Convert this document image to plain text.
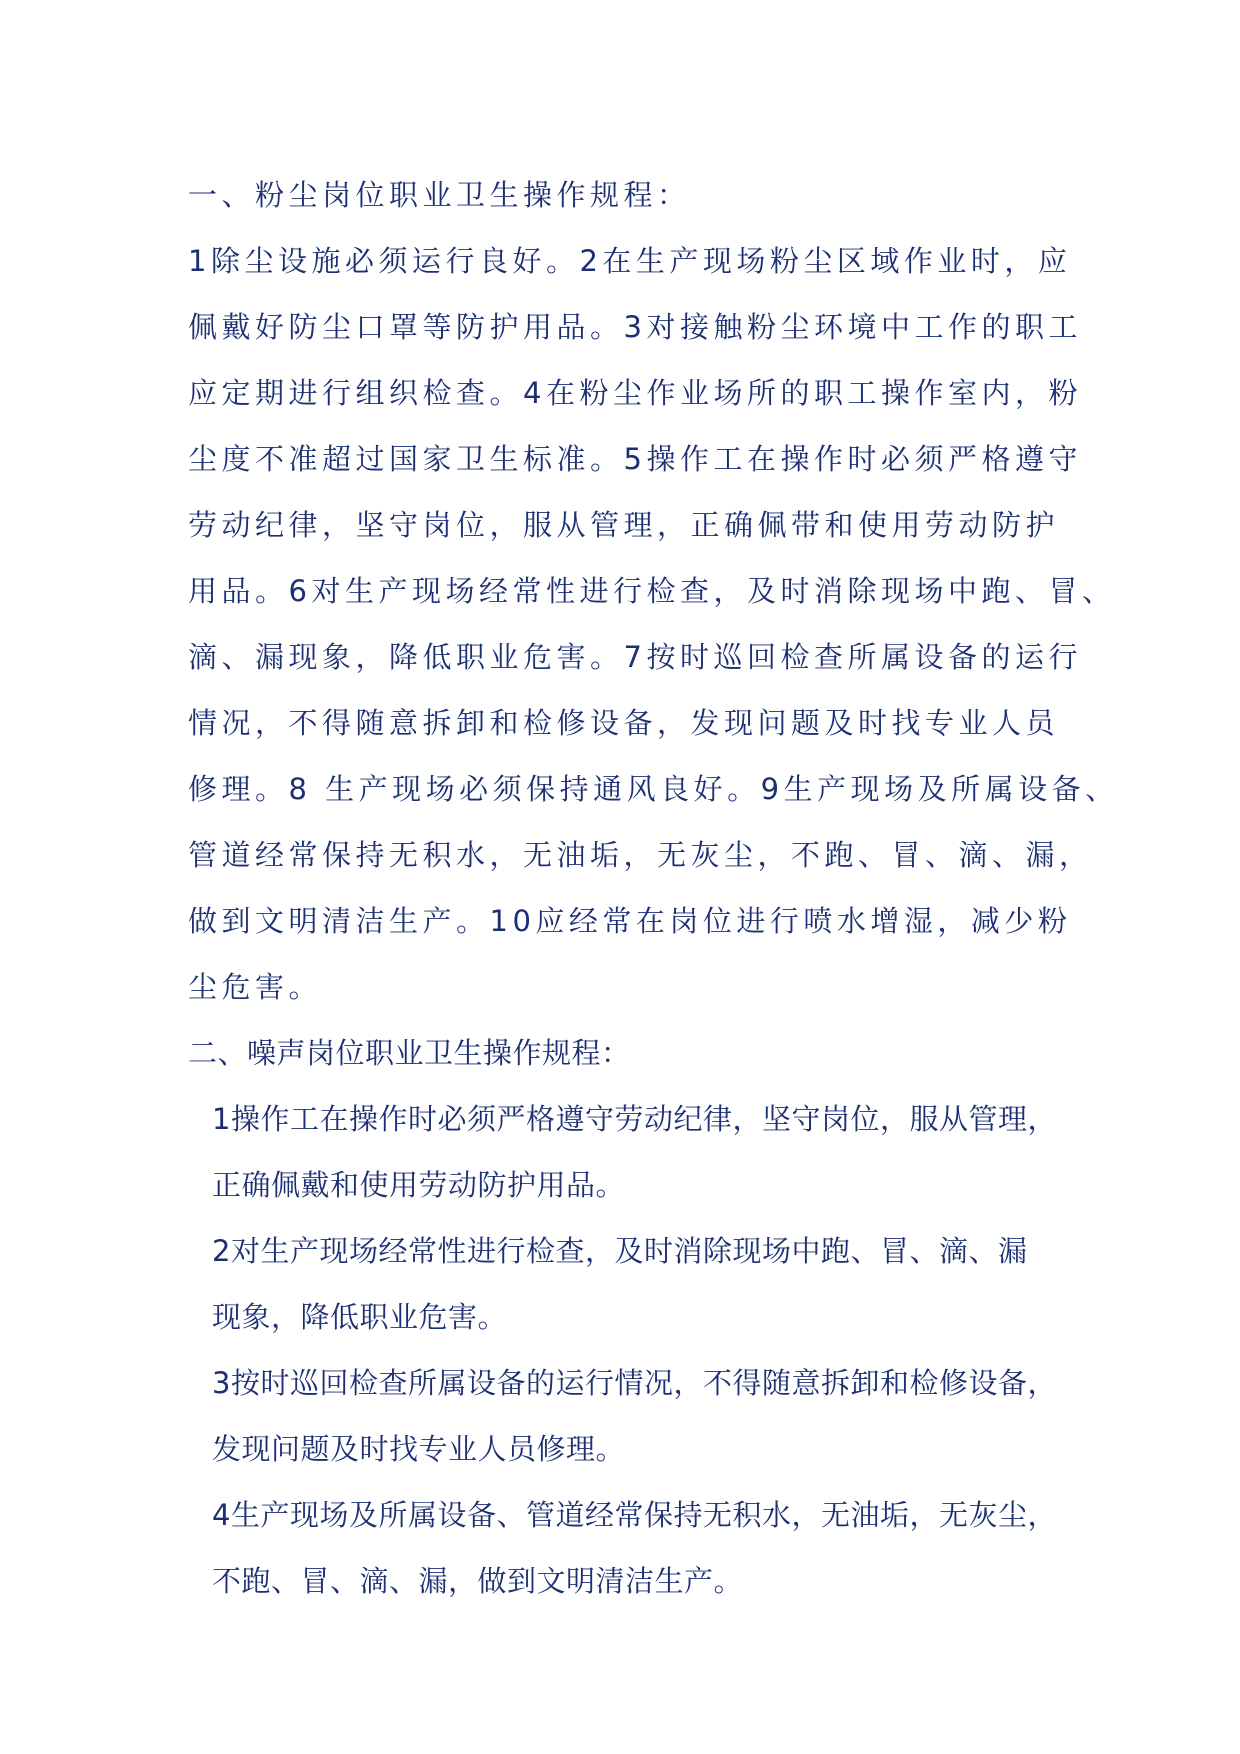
一、粉尘岗位职业卫生操作规程：
1除尘设施必须运行良好。2在生产现场粉尘区域作业时，应
佩戴好防尘口罩等防护用品。3对接触粉尘环境中工作的职工
应定期进行组织检查。4在粉尘作业场所的职工操作室内，粉
尘度不准超过国家卫生标准。5操作工在操作时必须严格遵守
劳动纪律，坚守岗位，服从管理，正确佩带和使用劳动防护
用品。6对生产现场经常性进行检查，及时消除现场中跑、冒、
滴、漏现象，降低职业危害。7按时巡回检查所属设备的运行
情况，不得随意拆卸和检修设备，发现问题及时找专业人员
修理。8 生产现场必须保持通风良好。9生产现场及所属设备、
管道经常保持无积水，无油垢，无灰尘，不跑、冒、滴、漏，
做到文明清洁生产。10应经常在岗位进行喷水增湿，减少粉
尘危害。
二、噪声岗位职业卫生操作规程：
1操作工在操作时必须严格遵守劳动纪律，坚守岗位，服从管理，
正确佩戴和使用劳动防护用品。
2对生产现场经常性进行检查，及时消除现场中跑、冒、滴、漏
现象，降低职业危害。
3按时巡回检查所属设备的运行情况，不得随意拆卸和检修设备，
发现问题及时找专业人员修理。
4生产现场及所属设备、管道经常保持无积水，无油垢，无灰尘，
不跑、冒、滴、漏，做到文明清洁生产。
